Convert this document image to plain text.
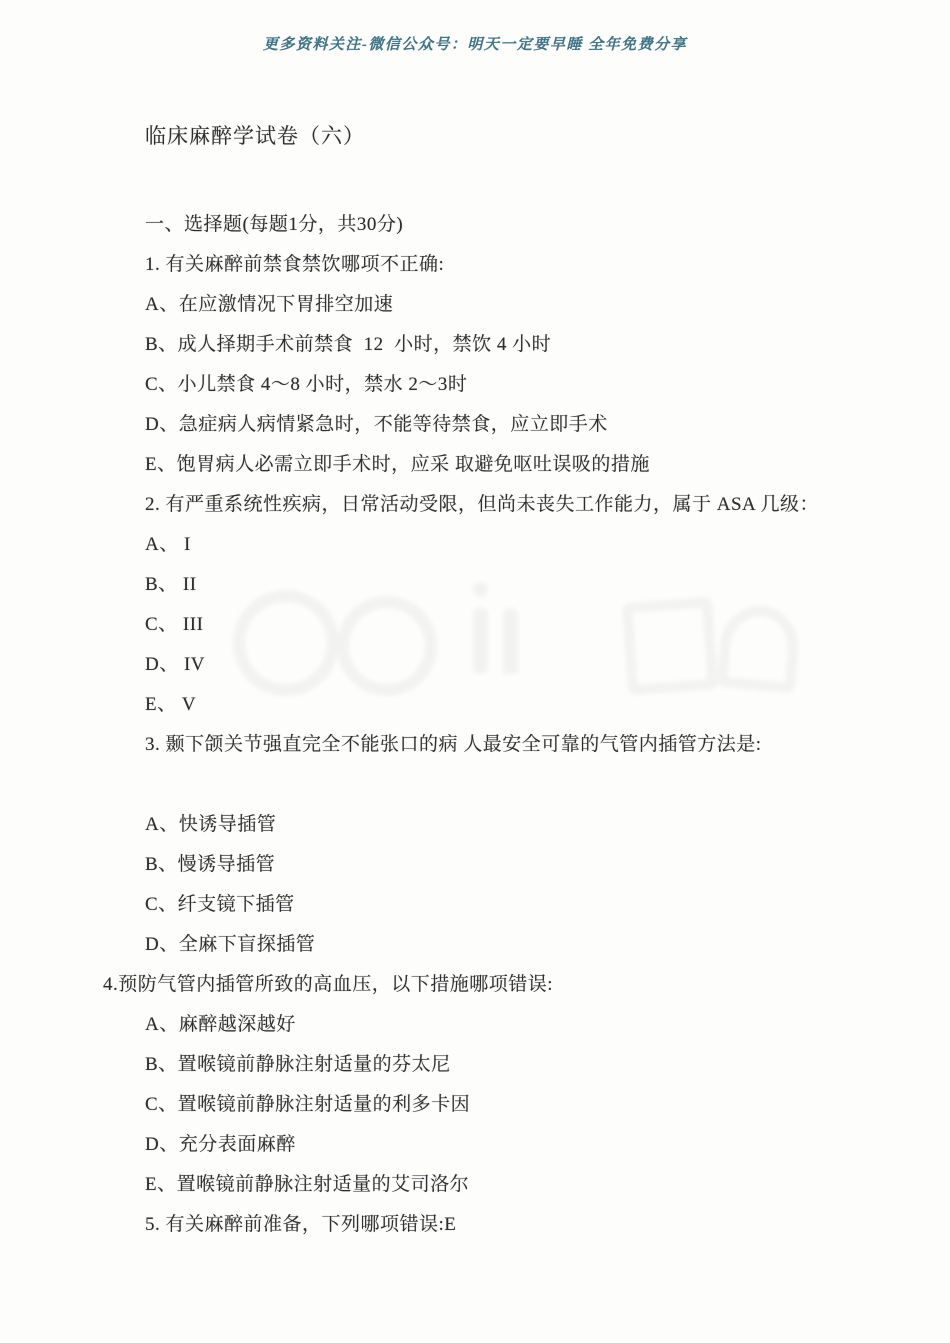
更多资料关注-微信公众号：明天一定要早睡 全年免费分享
临床麻醉学试卷（六）
一、选择题(每题1分，共30分)
1. 有关麻醉前禁食禁饮哪项不正确:
A、在应激情况下胃排空加速
B、成人择期手术前禁食  12  小时，禁饮 4 小时
C、小儿禁食 4～8 小时，禁水 2～3时
D、急症病人病情紧急时，不能等待禁食，应立即手术
E、饱胃病人必需立即手术时，应采 取避免呕吐误吸的措施
2. 有严重系统性疾病，日常活动受限，但尚未丧失工作能力，属于 ASA 几级：
A、 I
B、 II
C、 III
D、 IV
E、 V
3. 颞下颌关节强直完全不能张口的病 人最安全可靠的气管内插管方法是:
A、快诱导插管
B、慢诱导插管
C、纤支镜下插管
D、全麻下盲探插管
4.预防气管内插管所致的高血压，以下措施哪项错误:
A、麻醉越深越好
B、置喉镜前静脉注射适量的芬太尼
C、置喉镜前静脉注射适量的利多卡因
D、充分表面麻醉
E、置喉镜前静脉注射适量的艾司洛尔
5. 有关麻醉前准备，下列哪项错误:E
